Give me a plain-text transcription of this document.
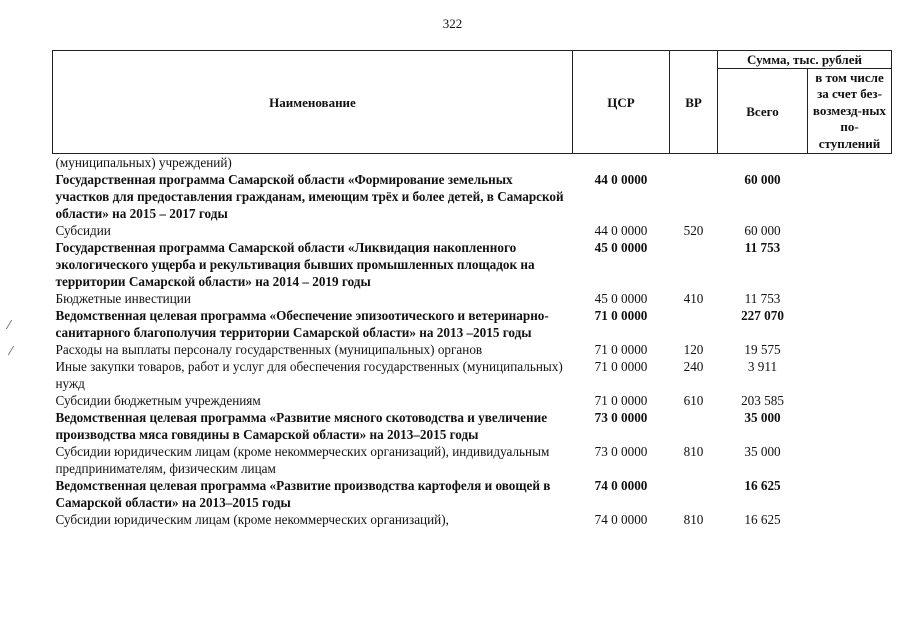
322
Наименование	ЦСР	ВР	Сумма, тыс. рублей	
			Всего	в том числе за счет без-возмезд-ных по-ступлений
(муниципальных) учреждений)				
Государственная программа Самарской области «Формирование земельных участков для предоставления гражданам, имеющим трёх и более детей, в Самарской области» на 2015 – 2017 годы	44 0 0000		60 000	
Субсидии	44 0 0000	520	60 000	
Государственная программа Самарской области «Ликвидация накопленного экологического ущерба и рекультивация бывших промышленных площадок на территории Самарской области» на 2014 – 2019 годы	45 0 0000		11 753	
Бюджетные инвестиции	45 0 0000	410	11 753	
Ведомственная целевая программа «Обеспечение эпизоотического и ветеринарно-санитарного благополучия территории Самарской области» на 2013 –2015 годы	71 0 0000		227 070	
Расходы на выплаты персоналу государственных (муниципальных) органов	71 0 0000	120	19 575	
Иные закупки товаров, работ и услуг для обеспечения государственных (муниципальных) нужд	71 0 0000	240	3 911	
Субсидии бюджетным учреждениям	71 0 0000	610	203 585	
Ведомственная целевая программа «Развитие мясного скотоводства и увеличение производства мяса говядины в Самарской области» на 2013–2015 годы	73 0 0000		35 000	
Субсидии юридическим лицам (кроме некоммерческих организаций), индивидуальным предпринимателям, физическим лицам	73 0 0000	810	35 000	
Ведомственная целевая программа «Развитие производства картофеля и овощей в Самарской области» на 2013–2015 годы	74 0 0000		16 625	
Субсидии юридическим лицам (кроме некоммерческих организаций),	74 0 0000	810	16 625	
⁄
⁄
